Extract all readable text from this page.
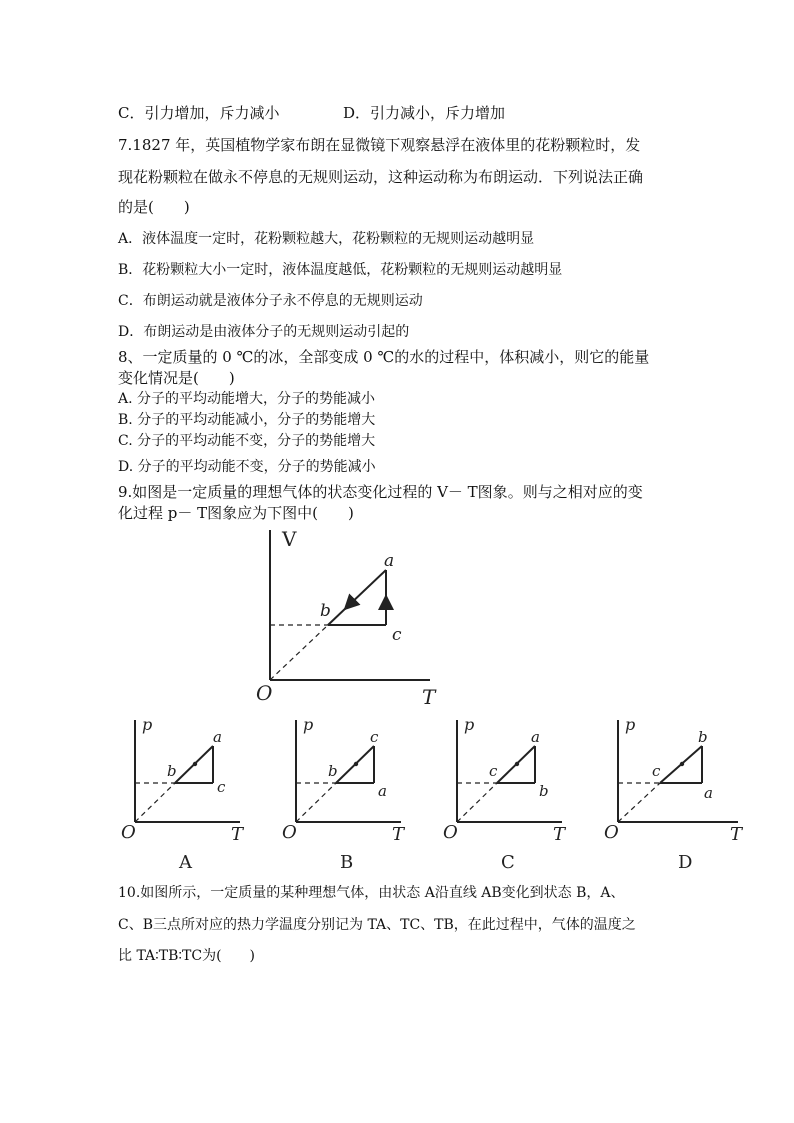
C．引力增加，斥力减小	D．引力减小，斥力增加
7.1827 年，英国植物学家布朗在显微镜下观察悬浮在液体里的花粉颗粒时，发
现花粉颗粒在做永不停息的无规则运动，这种运动称为布朗运动．下列说法正确
的是(　　)
A．液体温度一定时，花粉颗粒越大，花粉颗粒的无规则运动越明显
B．花粉颗粒大小一定时，液体温度越低，花粉颗粒的无规则运动越明显
C．布朗运动就是液体分子永不停息的无规则运动
D．布朗运动是由液体分子的无规则运动引起的
8、一定质量的 0 ℃的冰，全部变成 0 ℃的水的过程中，体积减小，则它的能量
变化情况是(　　)
A. 分子的平均动能增大，分子的势能减小
B. 分子的平均动能减小，分子的势能增大
C. 分子的平均动能不变，分子的势能增大
D. 分子的平均动能不变，分子的势能减小
9.如图是一定质量的理想气体的状态变化过程的 V－ T图象。则与之相对应的变
化过程 p－ T图象应为下图中(　　)
V
T
O
a
b
c
p
T
O
a
b
c
A
p
T
O
c
b
a
B
p
T
O
a
c
b
C
p
T
O
b
c
a
D
10.如图所示，一定质量的某种理想气体，由状态 A沿直线 AB变化到状态 B，A、
C、B三点所对应的热力学温度分别记为 TA、TC、TB，在此过程中，气体的温度之
比 TA∶TB∶TC为(　　)
